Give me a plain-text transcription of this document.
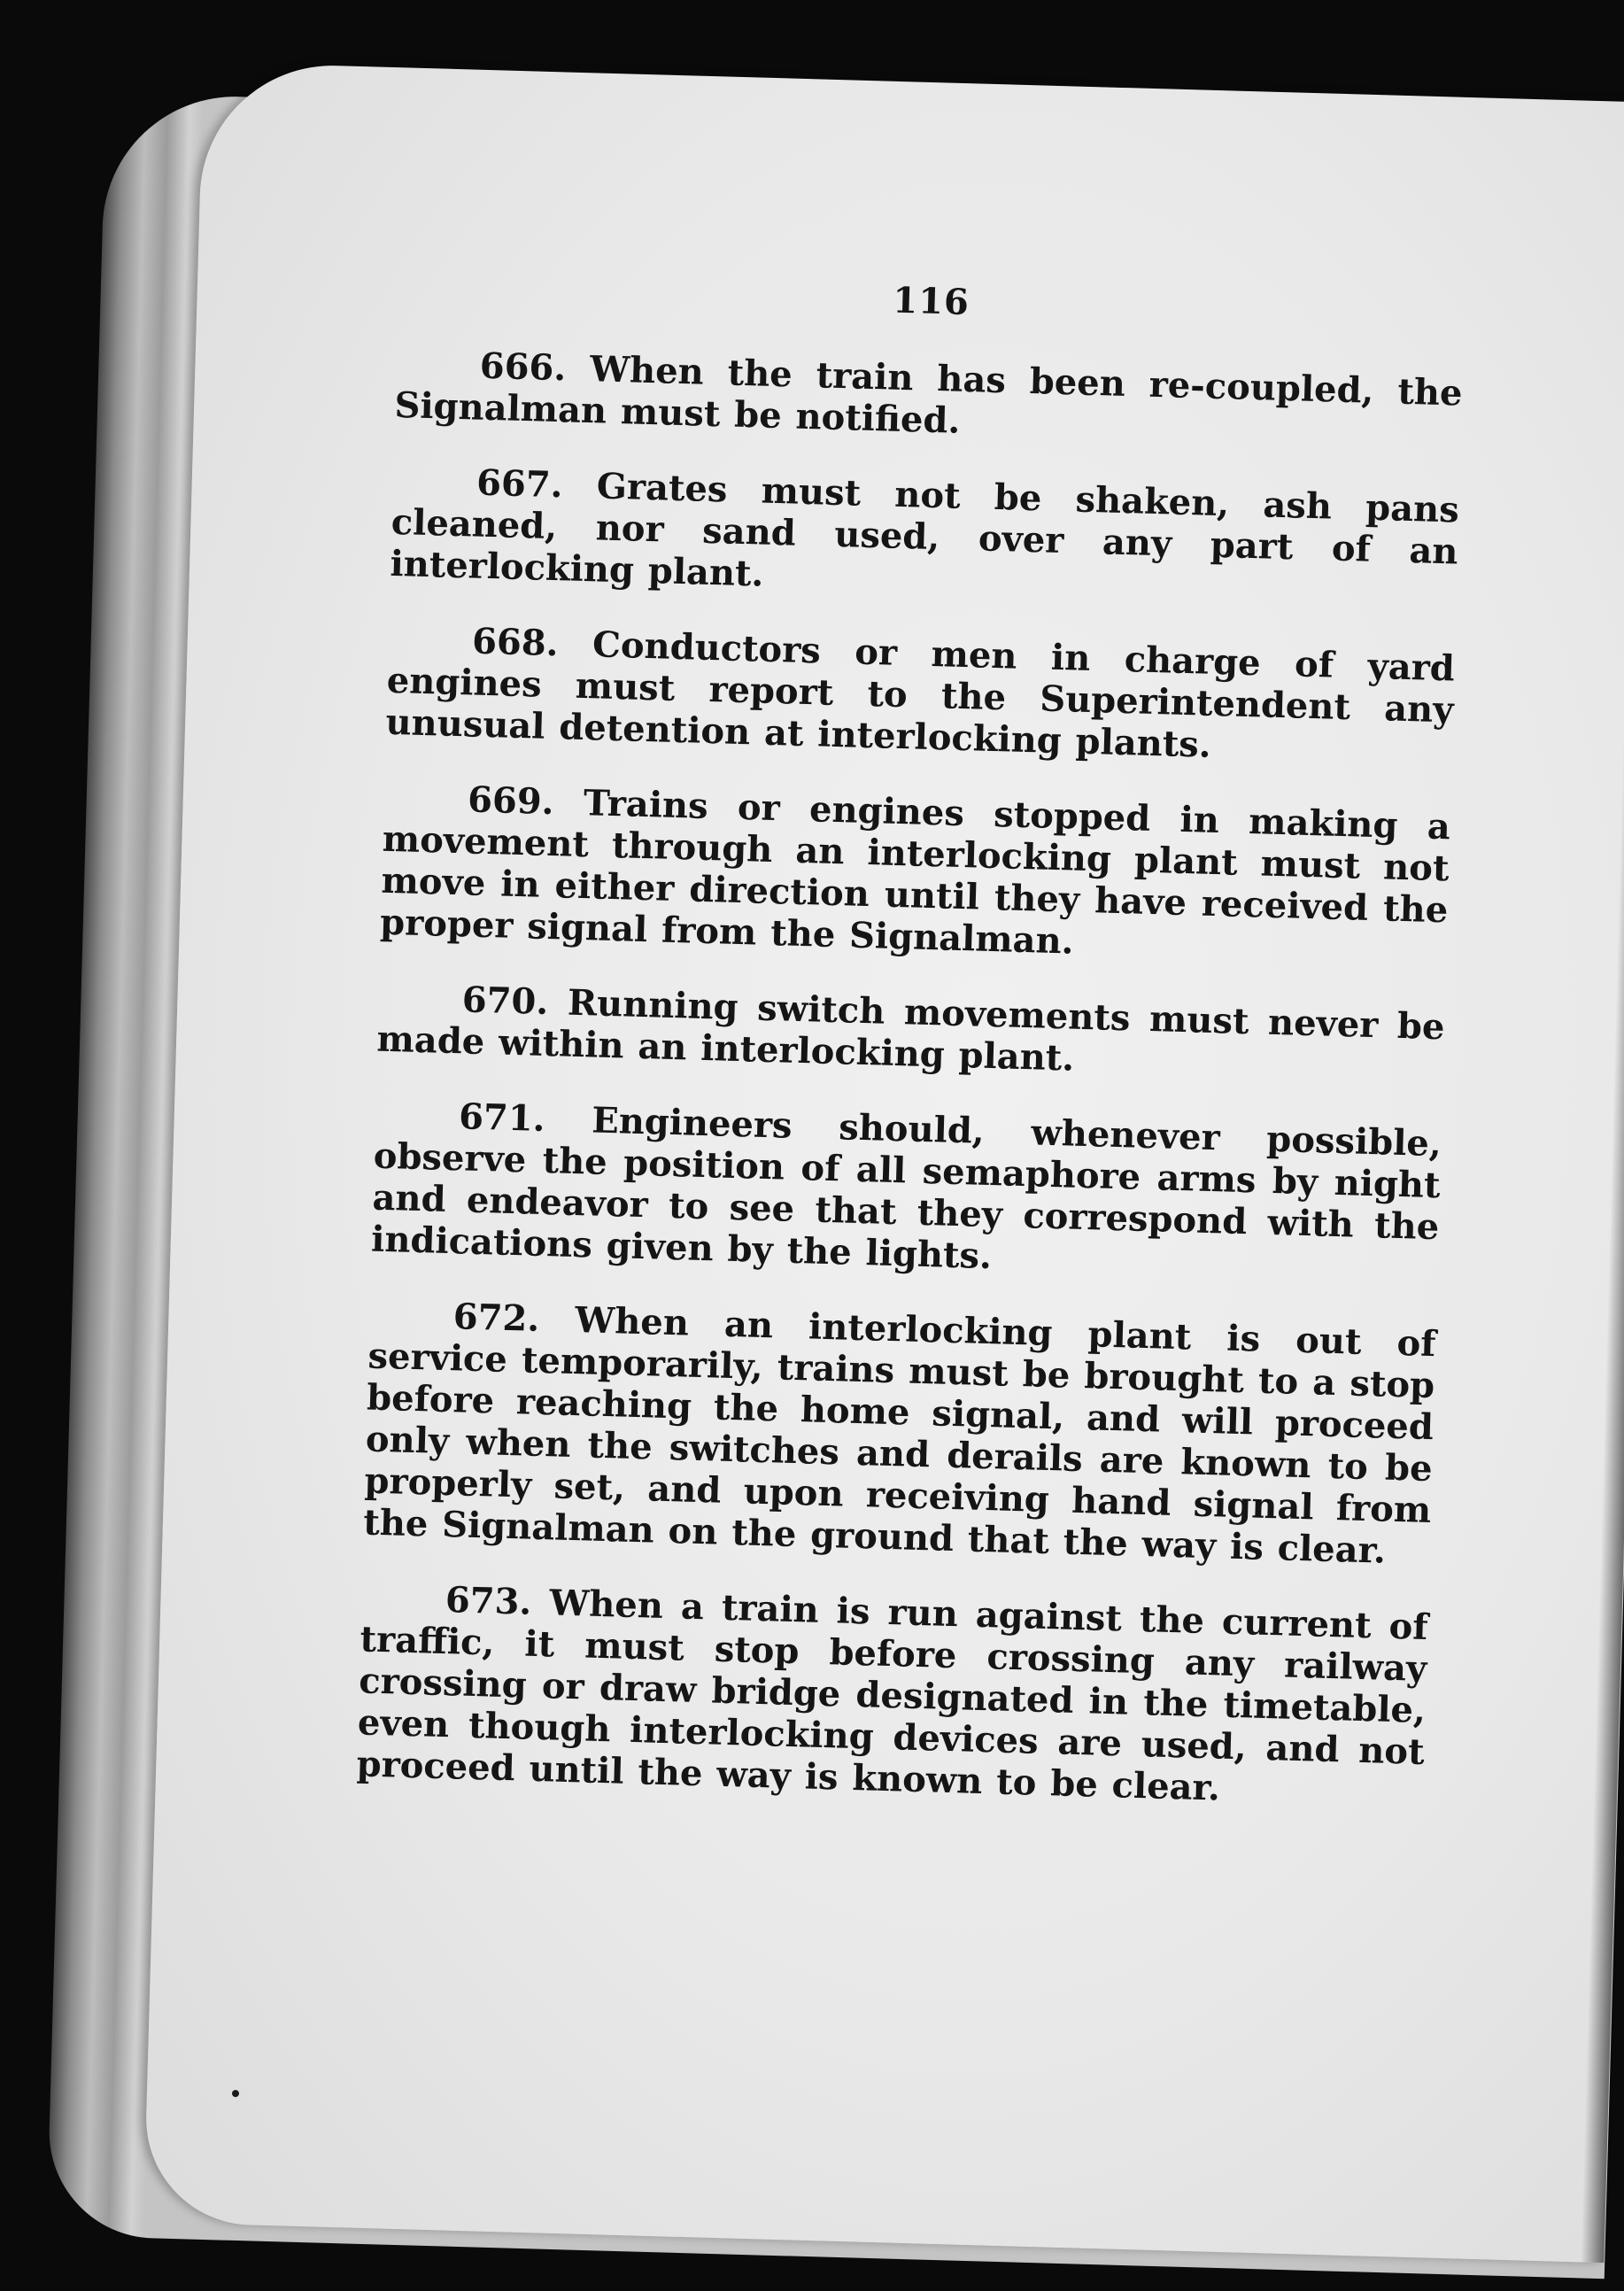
116

666. When the train has been re-coupled, the Signalman must be notified.

667. Grates must not be shaken, ash pans cleaned, nor sand used, over any part of an interlocking plant.

668. Conductors or men in charge of yard engines must report to the Superintendent any unusual detention at interlocking plants.

669. Trains or engines stopped in making a movement through an interlocking plant must not move in either direction until they have received the proper signal from the Signalman.

670. Running switch movements must never be made within an interlocking plant.

671. Engineers should, whenever possible, observe the position of all semaphore arms by night and endeavor to see that they correspond with the indications given by the lights.

672. When an interlocking plant is out of service temporarily, trains must be brought to a stop before reaching the home signal, and will proceed only when the switches and derails are known to be properly set, and upon receiving hand signal from the Signalman on the ground that the way is clear.

673. When a train is run against the current of traffic, it must stop before crossing any railway crossing or draw bridge designated in the timetable, even though interlocking devices are used, and not proceed until the way is known to be clear.
